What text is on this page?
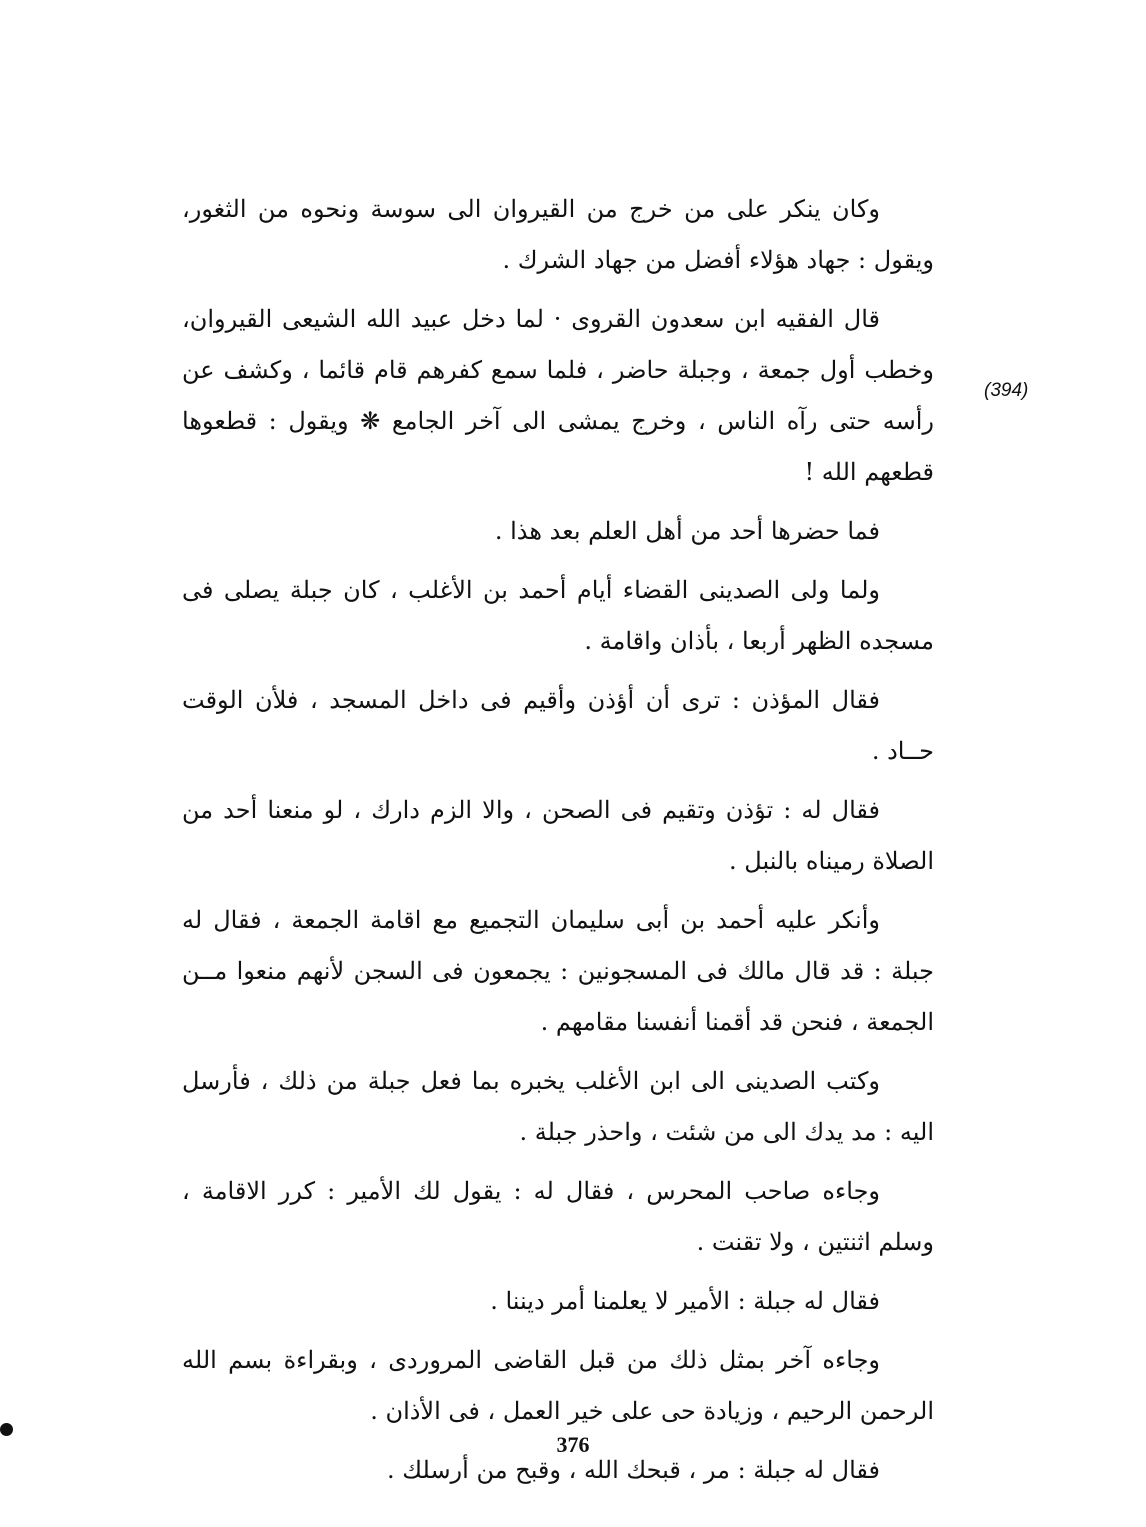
وكان ينكر على من خرج من القيروان الى سوسة ونحوه من الثغور، ويقول : جهاد هؤلاء أفضل من جهاد الشرك .

قال الفقيه ابن سعدون القروى · لما دخل عبيد الله الشيعى القيروان، وخطب أول جمعة ، وجبلة حاضر ، فلما سمع كفرهم قام قائما ، وكشف عن رأسه حتى رآه الناس ، وخرج يمشى الى آخر الجامع ❋ ويقول : قطعوها قطعهم الله !

فما حضرها أحد من أهل العلم بعد هذا .

ولما ولى الصدينى القضاء أيام أحمد بن الأغلب ، كان جبلة يصلى فى مسجده الظهر أربعا ، بأذان واقامة .

فقال المؤذن : ترى أن أؤذن وأقيم فى داخل المسجد ، فلأن الوقت حــاد .

فقال له : تؤذن وتقيم فى الصحن ، والا الزم دارك ، لو منعنا أحد من الصلاة رميناه بالنبل .

وأنكر عليه أحمد بن أبى سليمان التجميع مع اقامة الجمعة ، فقال له جبلة : قد قال مالك فى المسجونين : يجمعون فى السجن لأنهم منعوا مــن الجمعة ، فنحن قد أقمنا أنفسنا مقامهم .

وكتب الصدينى الى ابن الأغلب يخبره بما فعل جبلة من ذلك ، فأرسل اليه : مد يدك الى من شئت ، واحذر جبلة .

وجاءه صاحب المحرس ، فقال له : يقول لك الأمير : كرر الاقامة ، وسلم اثنتين ، ولا تقنت .

فقال له جبلة : الأمير لا يعلمنا أمر ديننا .

وجاءه آخر بمثل ذلك من قبل القاضى المروردى ، وبقراءة بسم الله الرحمن الرحيم ، وزيادة حى على خير العمل ، فى الأذان .

فقال له جبلة : مر ، قبحك الله ، وقبح من أرسلك .

(394)
376
